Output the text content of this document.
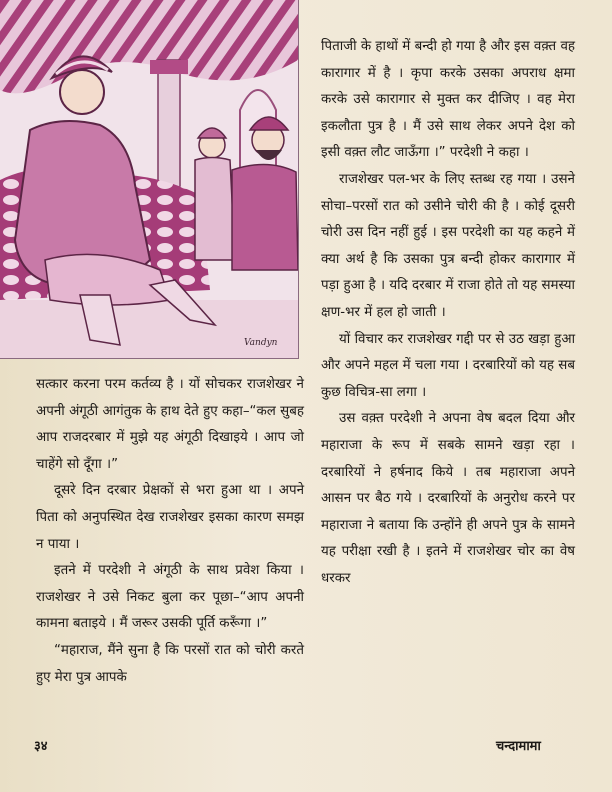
Vandyn

पिताजी के हाथों में बन्दी हो गया है और इस वक़्त वह कारागार में है । कृपा करके उसका अपराध क्षमा करके उसे कारागार से मुक्त कर दीजिए । वह मेरा इकलौता पुत्र है । मैं उसे साथ लेकर अपने देश को इसी वक़्त लौट जाऊँगा ।” परदेशी ने कहा ।

राजशेखर पल-भर के लिए स्तब्ध रह गया । उसने सोचा–परसों रात को उसीने चोरी की है । कोई दूसरी चोरी उस दिन नहीं हुई । इस परदेशी का यह कहने में क्या अर्थ है कि उसका पुत्र बन्दी होकर कारागार में पड़ा हुआ है । यदि दरबार में राजा होते तो यह समस्या क्षण-भर में हल हो जाती ।

यों विचार कर राजशेखर गद्दी पर से उठ खड़ा हुआ और अपने महल में चला गया । दरबारियों को यह सब कुछ विचित्र-सा लगा ।

उस वक़्त परदेशी ने अपना वेष बदल दिया और महाराजा के रूप में सबके सामने खड़ा रहा । दरबारियों ने हर्षनाद किये । तब महाराजा अपने आसन पर बैठ गये । दरबारियों के अनुरोध करने पर महाराजा ने बताया कि उन्होंने ही अपने पुत्र के सामने यह परीक्षा रखी है । इतने में राजशेखर चोर का वेष धरकर

सत्कार करना परम कर्तव्य है । यों सोचकर राजशेखर ने अपनी अंगूठी आगंतुक के हाथ देते हुए कहा–“कल सुबह आप राजदरबार में मुझे यह अंगूठी दिखाइये । आप जो चाहेंगे सो दूँगा ।”

दूसरे दिन दरबार प्रेक्षकों से भरा हुआ था । अपने पिता को अनुपस्थित देख राजशेखर इसका कारण समझ न पाया ।

इतने में परदेशी ने अंगूठी के साथ प्रवेश किया । राजशेखर ने उसे निकट बुला कर पूछा–“आप अपनी कामना बताइये । मैं जरूर उसकी पूर्ति करूँगा ।”

“महाराज, मैंने सुना है कि परसों रात को चोरी करते हुए मेरा पुत्र आपके

३४	चन्दामामा
